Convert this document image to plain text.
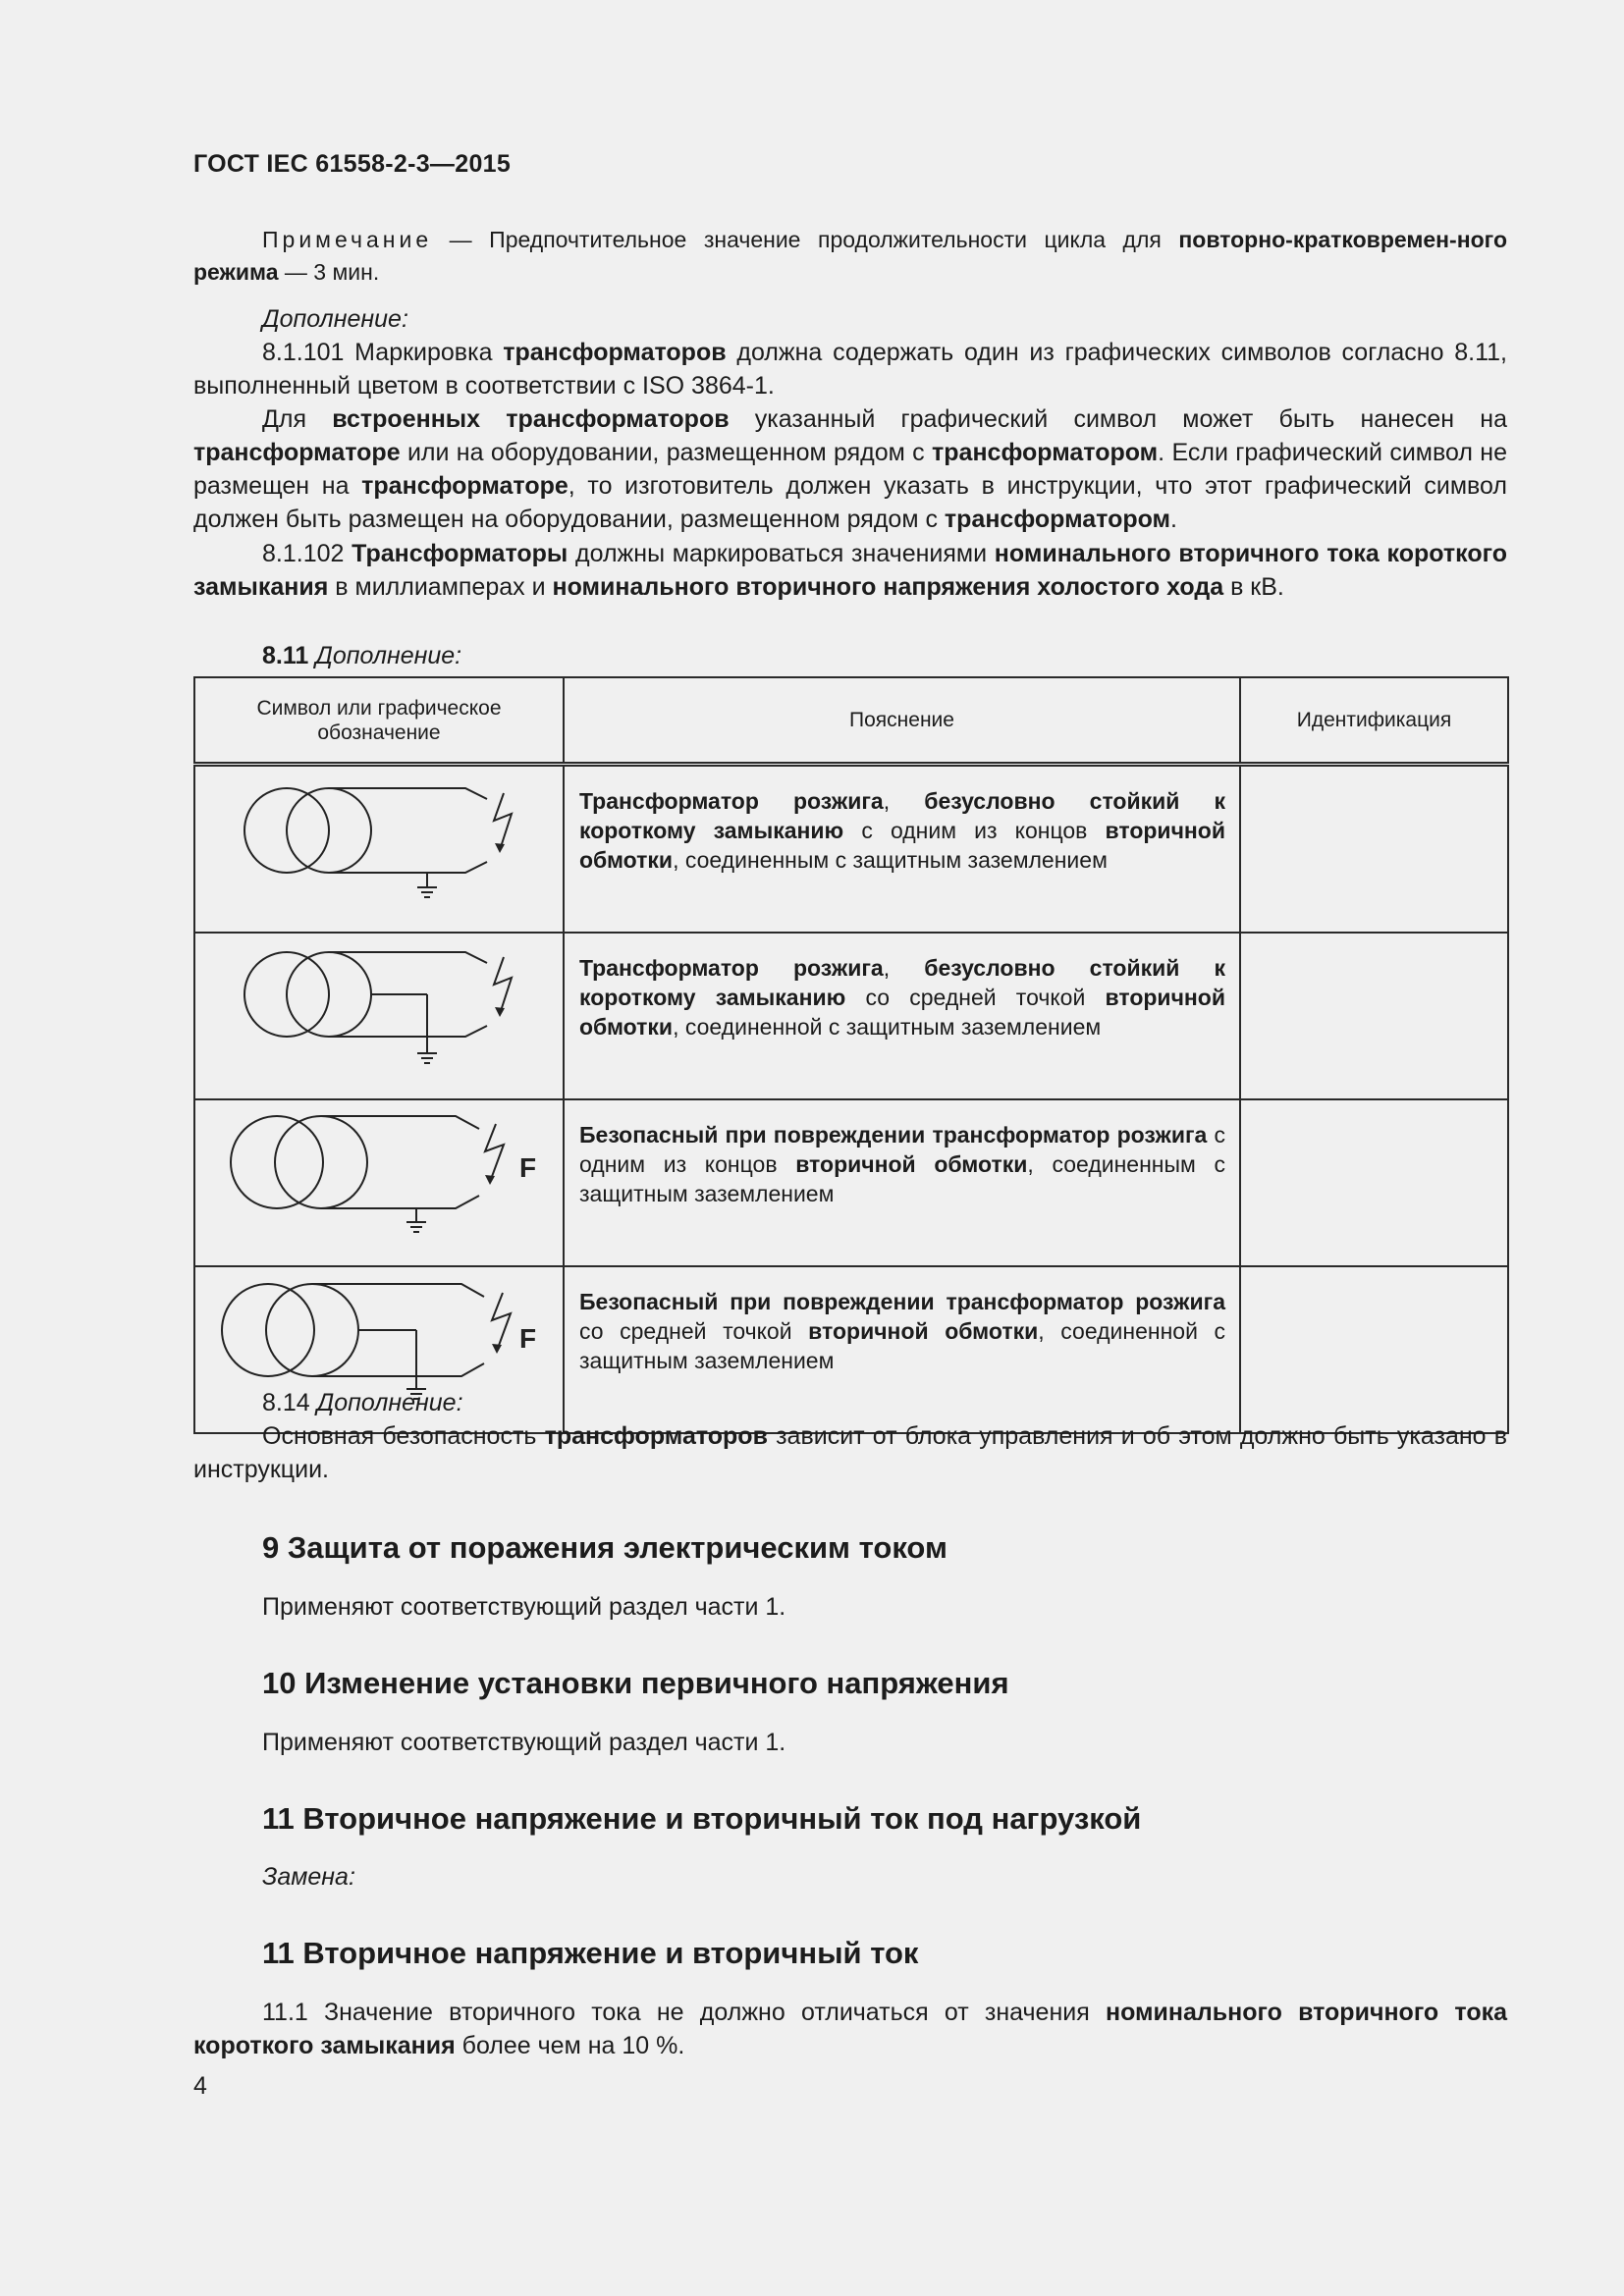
ГОСТ IEC 61558-2-3—2015

Примечание — Предпочтительное значение продолжительности цикла для повторно-кратковремен-ного режима — 3 мин.

Дополнение:

8.1.101 Маркировка трансформаторов должна содержать один из графических символов согласно 8.11, выполненный цветом в соответствии с ISO 3864-1.

Для встроенных трансформаторов указанный графический символ может быть нанесен на трансформаторе или на оборудовании, размещенном рядом с трансформатором. Если графический символ не размещен на трансформаторе, то изготовитель должен указать в инструкции, что этот графический символ должен быть размещен на оборудовании, размещенном рядом с трансформатором.

8.1.102 Трансформаторы должны маркироваться значениями номинального вторичного тока короткого замыкания в миллиамперах и номинального вторичного напряжения холостого хода в кВ.

8.11 Дополнение:

Символ или графическое обозначение	Пояснение	Идентификация

	Трансформатор розжига, безусловно стойкий к короткому замыканию с одним из концов вторичной обмотки, соединенным с защитным заземлением	

	Трансформатор розжига, безусловно стойкий к короткому замыканию со средней точкой вторичной обмотки, соединенной с защитным заземлением	

F	Безопасный при повреждении трансформатор розжига с одним из концов вторичной обмотки, соединенным с защитным заземлением	

F	Безопасный при повреждении трансформатор розжига со средней точкой вторичной обмотки, соединенной с защитным заземлением	

8.14 Дополнение:

Основная безопасность трансформаторов зависит от блока управления и об этом должно быть указано в инструкции.

9 Защита от поражения электрическим током

Применяют соответствующий раздел части 1.

10 Изменение установки первичного напряжения

Применяют соответствующий раздел части 1.

11 Вторичное напряжение и вторичный ток под нагрузкой

Замена:

11 Вторичное напряжение и вторичный ток

11.1 Значение вторичного тока не должно отличаться от значения номинального вторичного тока короткого замыкания более чем на 10 %.

4
